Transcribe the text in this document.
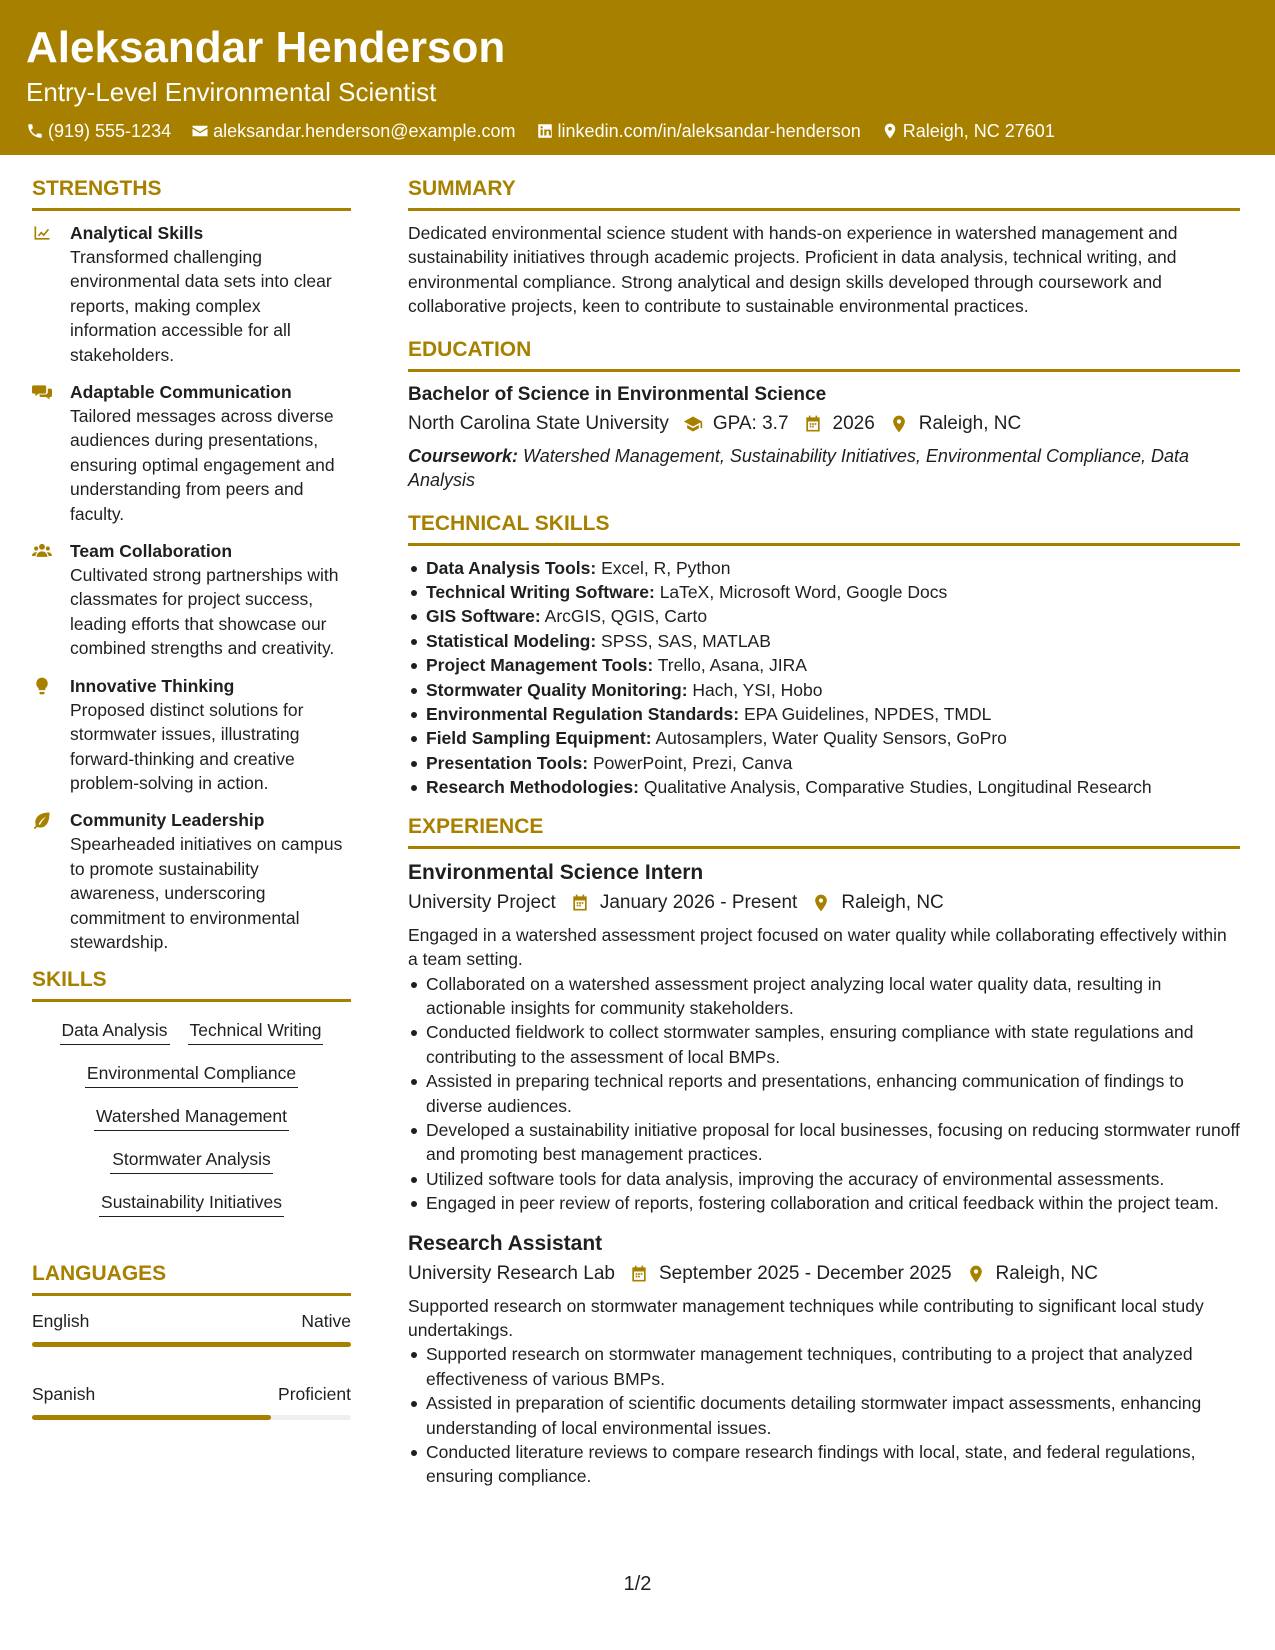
Aleksandar Henderson
Entry-Level Environmental Scientist
(919) 555-1234 aleksandar.henderson@example.com linkedin.com/in/aleksandar-henderson Raleigh, NC 27601
STRENGTHS
Analytical Skills
Transformed challenging environmental data sets into clear reports, making complex information accessible for all stakeholders.
Adaptable Communication
Tailored messages across diverse audiences during presentations, ensuring optimal engagement and understanding from peers and faculty.
Team Collaboration
Cultivated strong partnerships with classmates for project success, leading efforts that showcase our combined strengths and creativity.
Innovative Thinking
Proposed distinct solutions for stormwater issues, illustrating forward-thinking and creative problem-solving in action.
Community Leadership
Spearheaded initiatives on campus to promote sustainability awareness, underscoring commitment to environmental stewardship.
SKILLS
Data Analysis Technical Writing
Environmental Compliance
Watershed Management
Stormwater Analysis
Sustainability Initiatives
LANGUAGES
English	Native
Spanish	Proficient
SUMMARY
Dedicated environmental science student with hands-on experience in watershed management and sustainability initiatives through academic projects. Proficient in data analysis, technical writing, and environmental compliance. Strong analytical and design skills developed through coursework and collaborative projects, keen to contribute to sustainable environmental practices.
EDUCATION
Bachelor of Science in Environmental Science
North Carolina State University GPA: 3.7 2026 Raleigh, NC
Coursework: Watershed Management, Sustainability Initiatives, Environmental Compliance, Data Analysis
TECHNICAL SKILLS
Data Analysis Tools: Excel, R, Python
Technical Writing Software: LaTeX, Microsoft Word, Google Docs
GIS Software: ArcGIS, QGIS, Carto
Statistical Modeling: SPSS, SAS, MATLAB
Project Management Tools: Trello, Asana, JIRA
Stormwater Quality Monitoring: Hach, YSI, Hobo
Environmental Regulation Standards: EPA Guidelines, NPDES, TMDL
Field Sampling Equipment: Autosamplers, Water Quality Sensors, GoPro
Presentation Tools: PowerPoint, Prezi, Canva
Research Methodologies: Qualitative Analysis, Comparative Studies, Longitudinal Research
EXPERIENCE
Environmental Science Intern
University Project January 2026 - Present Raleigh, NC
Engaged in a watershed assessment project focused on water quality while collaborating effectively within a team setting.
Collaborated on a watershed assessment project analyzing local water quality data, resulting in actionable insights for community stakeholders.
Conducted fieldwork to collect stormwater samples, ensuring compliance with state regulations and contributing to the assessment of local BMPs.
Assisted in preparing technical reports and presentations, enhancing communication of findings to diverse audiences.
Developed a sustainability initiative proposal for local businesses, focusing on reducing stormwater runoff and promoting best management practices.
Utilized software tools for data analysis, improving the accuracy of environmental assessments.
Engaged in peer review of reports, fostering collaboration and critical feedback within the project team.
Research Assistant
University Research Lab September 2025 - December 2025 Raleigh, NC
Supported research on stormwater management techniques while contributing to significant local study undertakings.
Supported research on stormwater management techniques, contributing to a project that analyzed effectiveness of various BMPs.
Assisted in preparation of scientific documents detailing stormwater impact assessments, enhancing understanding of local environmental issues.
Conducted literature reviews to compare research findings with local, state, and federal regulations, ensuring compliance.
1/2
